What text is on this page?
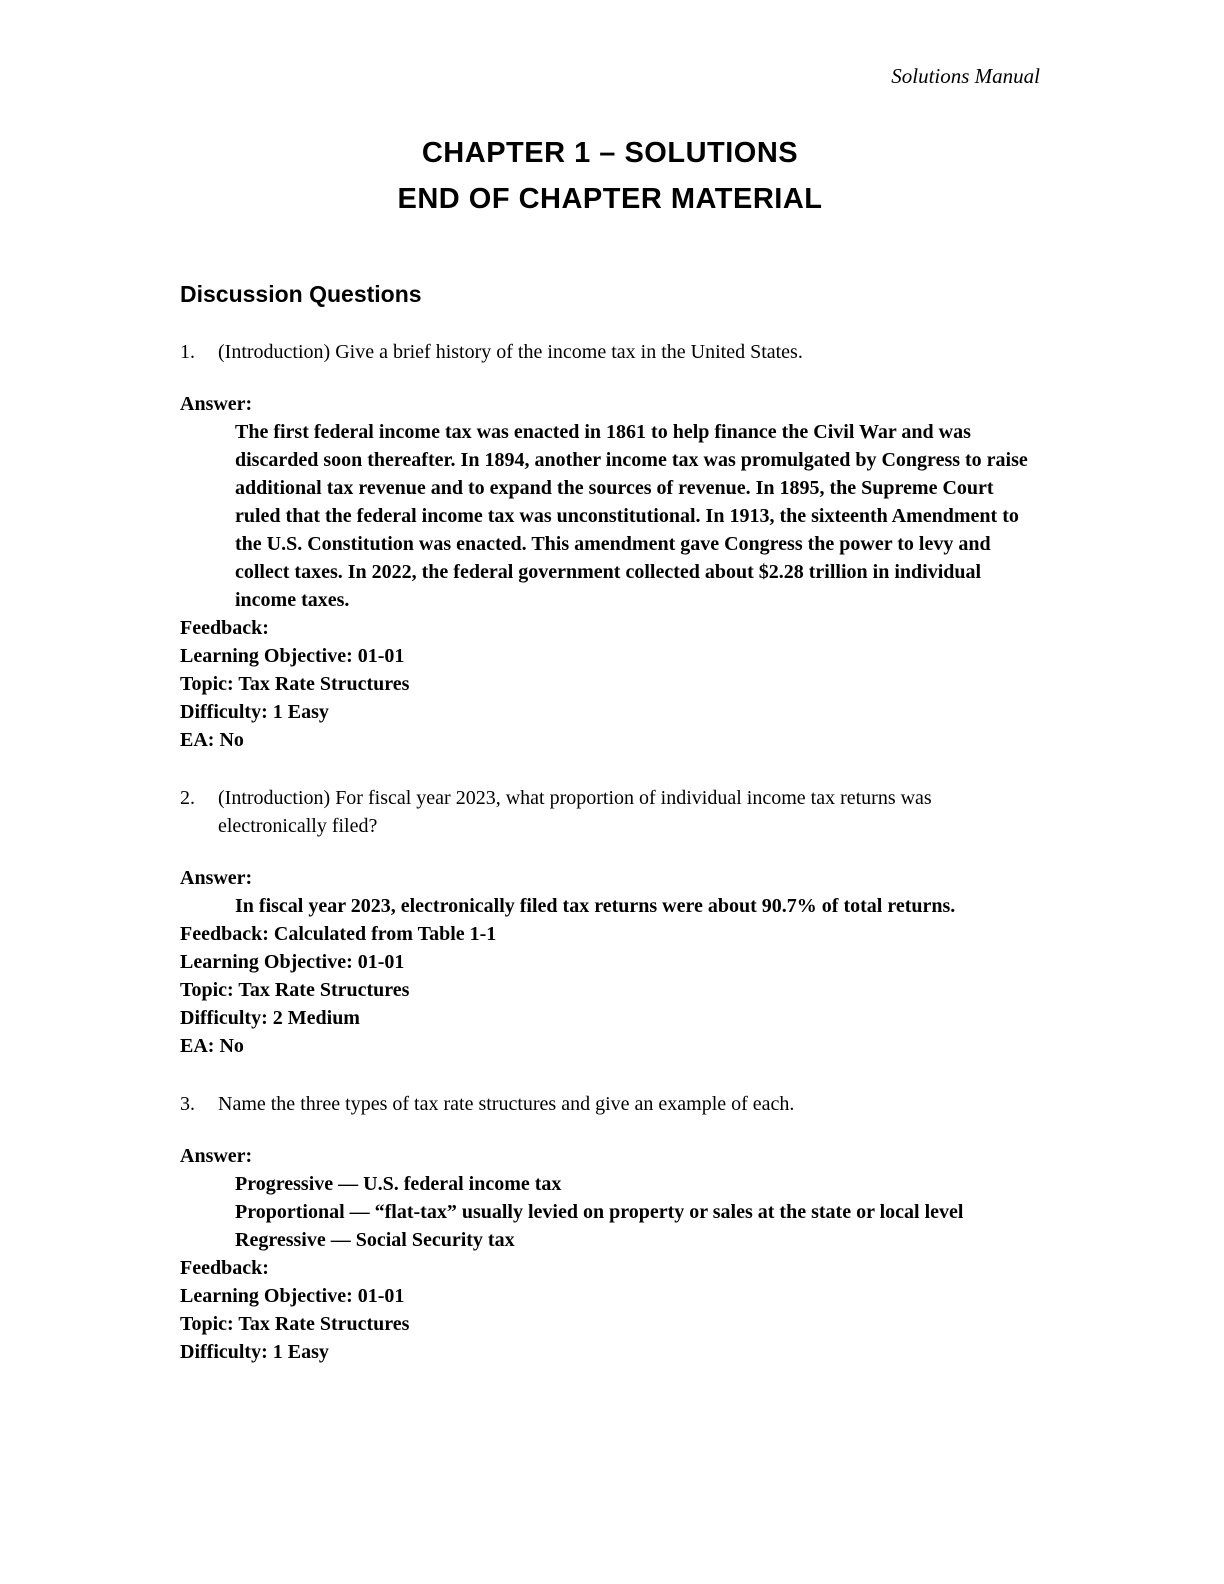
Solutions Manual
CHAPTER 1 – SOLUTIONS
END OF CHAPTER MATERIAL
Discussion Questions
1.	(Introduction) Give a brief history of the income tax in the United States.
Answer:

The first federal income tax was enacted in 1861 to help finance the Civil War and was discarded soon thereafter. In 1894, another income tax was promulgated by Congress to raise additional tax revenue and to expand the sources of revenue. In 1895, the Supreme Court ruled that the federal income tax was unconstitutional. In 1913, the sixteenth Amendment to the U.S. Constitution was enacted. This amendment gave Congress the power to levy and collect taxes. In 2022, the federal government collected about $2.28 trillion in individual income taxes.

Feedback:
Learning Objective: 01-01
Topic: Tax Rate Structures
Difficulty: 1 Easy
EA: No
2.	(Introduction) For fiscal year 2023, what proportion of individual income tax returns was electronically filed?
Answer:

In fiscal year 2023, electronically filed tax returns were about 90.7% of total returns.

Feedback: Calculated from Table 1-1
Learning Objective: 01-01
Topic: Tax Rate Structures
Difficulty: 2 Medium
EA: No
3.	Name the three types of tax rate structures and give an example of each.
Answer:

Progressive — U.S. federal income tax

Proportional — “flat-tax” usually levied on property or sales at the state or local level

Regressive — Social Security tax

Feedback:
Learning Objective: 01-01
Topic: Tax Rate Structures
Difficulty: 1 Easy
